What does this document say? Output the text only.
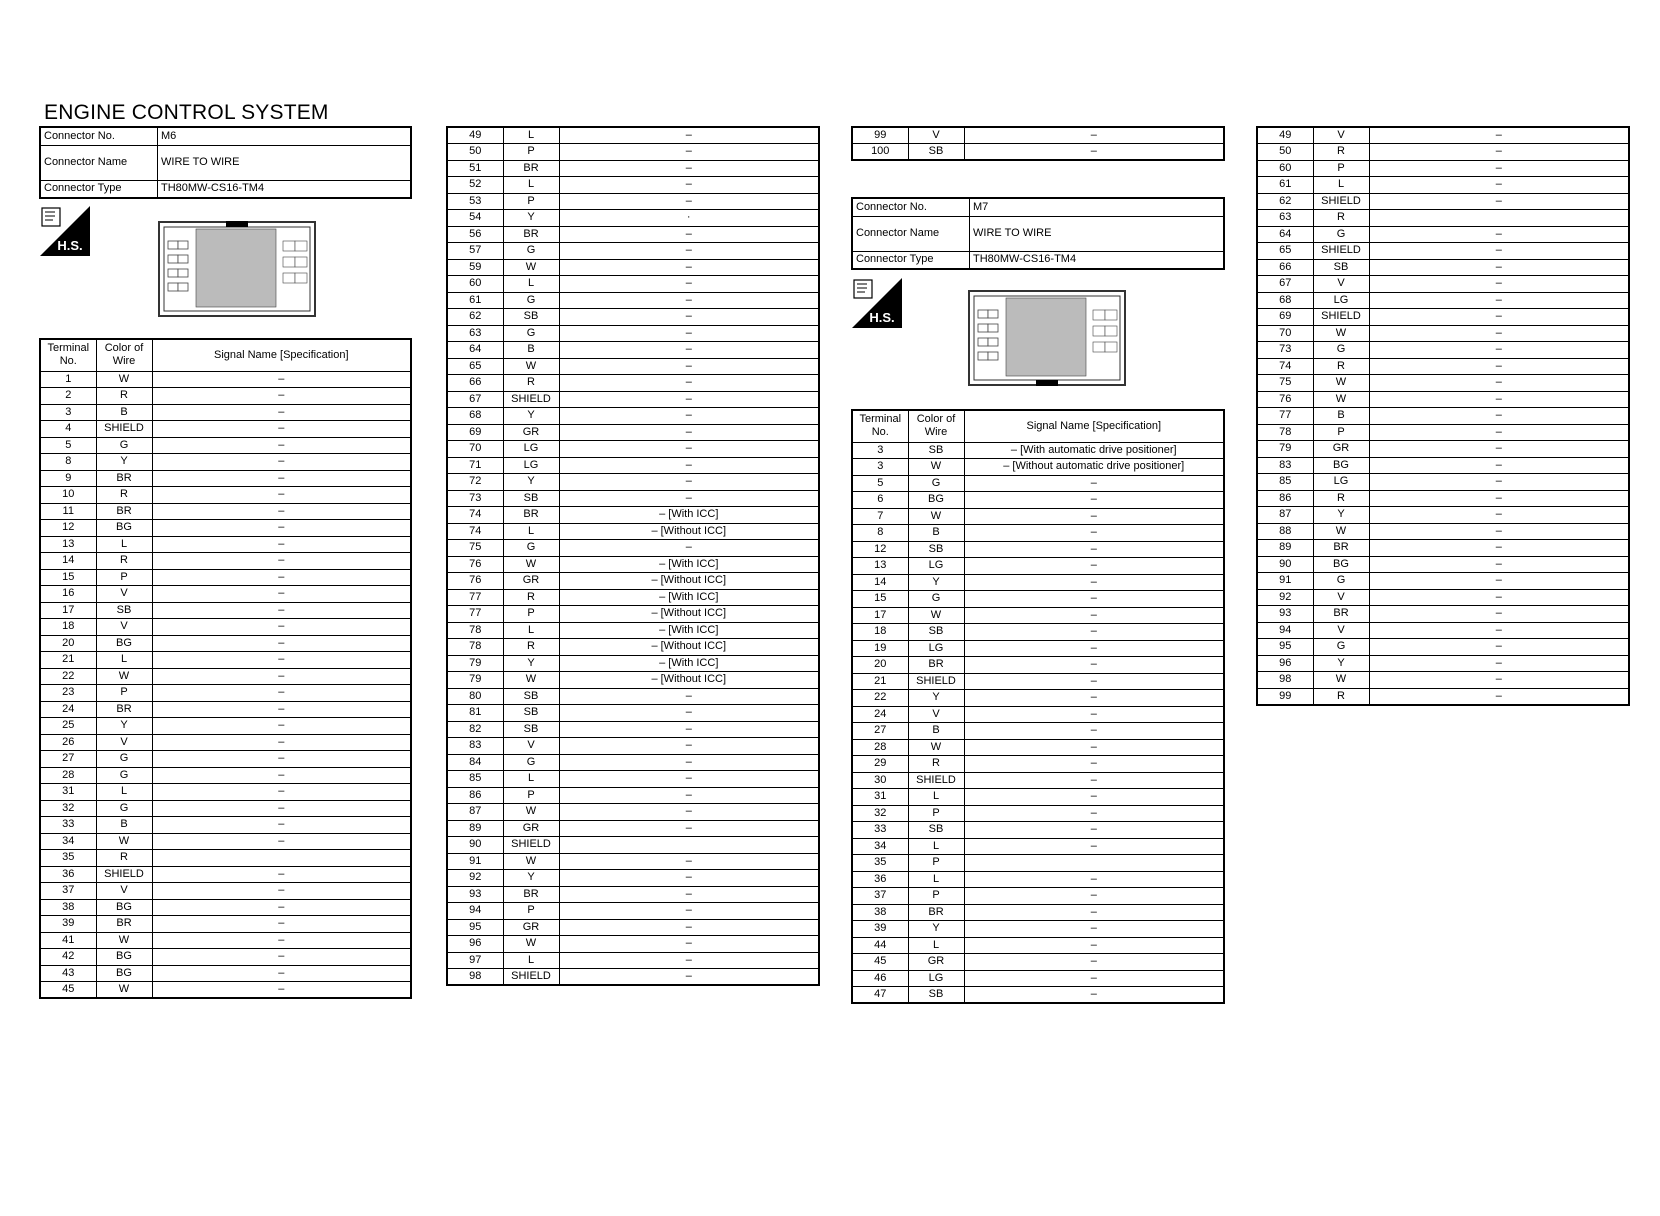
ENGINE CONTROL SYSTEM
Connector No.	M6
Connector Name	WIRE TO WIRE
Connector Type	TH80MW-CS16-TM4
H.S.
Terminal No.	Color of Wire	Signal Name [Specification]
1	W	–
2	R	–
3	B	–
4	SHIELD	–
5	G	–
8	Y	–
9	BR	–
10	R	–
11	BR	–
12	BG	–
13	L	–
14	R	–
15	P	–
16	V	–
17	SB	–
18	V	–
20	BG	–
21	L	–
22	W	–
23	P	–
24	BR	–
25	Y	–
26	V	–
27	G	–
28	G	–
31	L	–
32	G	–
33	B	–
34	W	–
35	R	
36	SHIELD	–
37	V	–
38	BG	–
39	BR	–
41	W	–
42	BG	–
43	BG	–
45	W	–
49	L	–
50	P	–
51	BR	–
52	L	–
53	P	–
54	Y	·
56	BR	–
57	G	–
59	W	–
60	L	–
61	G	–
62	SB	–
63	G	–
64	B	–
65	W	–
66	R	–
67	SHIELD	–
68	Y	–
69	GR	–
70	LG	–
71	LG	–
72	Y	–
73	SB	–
74	BR	– [With ICC]
74	L	– [Without ICC]
75	G	–
76	W	– [With ICC]
76	GR	– [Without ICC]
77	R	– [With ICC]
77	P	– [Without ICC]
78	L	– [With ICC]
78	R	– [Without ICC]
79	Y	– [With ICC]
79	W	– [Without ICC]
80	SB	–
81	SB	–
82	SB	–
83	V	–
84	G	–
85	L	–
86	P	–
87	W	–
89	GR	–
90	SHIELD	
91	W	–
92	Y	–
93	BR	–
94	P	–
95	GR	–
96	W	–
97	L	–
98	SHIELD	–
99	V	–
100	SB	–
Connector No.	M7
Connector Name	WIRE TO WIRE
Connector Type	TH80MW-CS16-TM4
H.S.
Terminal No.	Color of Wire	Signal Name [Specification]
3	SB	– [With automatic drive positioner]
3	W	– [Without automatic drive positioner]
5	G	–
6	BG	–
7	W	–
8	B	–
12	SB	–
13	LG	–
14	Y	–
15	G	–
17	W	–
18	SB	–
19	LG	–
20	BR	–
21	SHIELD	–
22	Y	–
24	V	–
27	B	–
28	W	–
29	R	–
30	SHIELD	–
31	L	–
32	P	–
33	SB	–
34	L	–
35	P	
36	L	–
37	P	–
38	BR	–
39	Y	–
44	L	–
45	GR	–
46	LG	–
47	SB	–
49	V	–
50	R	–
60	P	–
61	L	–
62	SHIELD	–
63	R	
64	G	–
65	SHIELD	–
66	SB	–
67	V	–
68	LG	–
69	SHIELD	–
70	W	–
73	G	–
74	R	–
75	W	–
76	W	–
77	B	–
78	P	–
79	GR	–
83	BG	–
85	LG	–
86	R	–
87	Y	–
88	W	–
89	BR	–
90	BG	–
91	G	–
92	V	–
93	BR	–
94	V	–
95	G	–
96	Y	–
98	W	–
99	R	–
